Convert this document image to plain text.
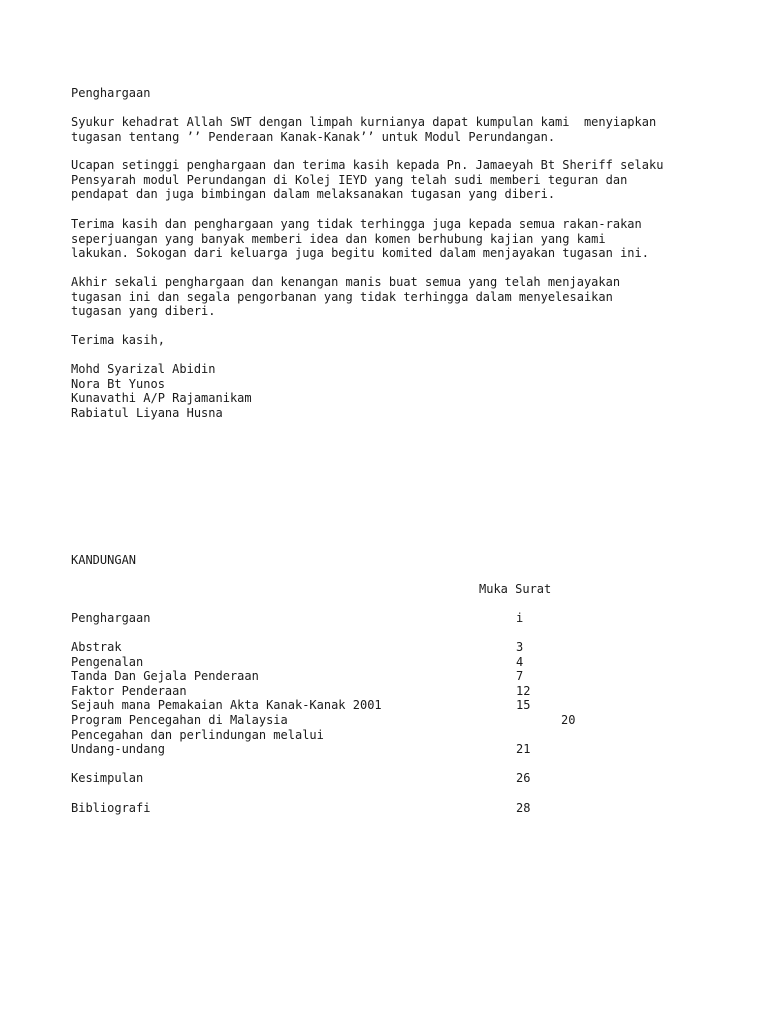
Penghargaan
Syukur kehadrat Allah SWT dengan limpah kurnianya dapat kumpulan kami  menyiapkan
tugasan tentang ’’ Penderaan Kanak-Kanak’’ untuk Modul Perundangan.
Ucapan setinggi penghargaan dan terima kasih kepada Pn. Jamaeyah Bt Sheriff selaku
Pensyarah modul Perundangan di Kolej IEYD yang telah sudi memberi teguran dan
pendapat dan juga bimbingan dalam melaksanakan tugasan yang diberi.
Terima kasih dan penghargaan yang tidak terhingga juga kepada semua rakan-rakan
seperjuangan yang banyak memberi idea dan komen berhubung kajian yang kami
lakukan. Sokogan dari keluarga juga begitu komited dalam menjayakan tugasan ini.
Akhir sekali penghargaan dan kenangan manis buat semua yang telah menjayakan
tugasan ini dan segala pengorbanan yang tidak terhingga dalam menyelesaikan
tugasan yang diberi.
Terima kasih,
Mohd Syarizal Abidin
Nora Bt Yunos
Kunavathi A/P Rajamanikam
Rabiatul Liyana Husna
KANDUNGAN
Muka Surat
Penghargaan	i
Abstrak	3
Pengenalan	4
Tanda Dan Gejala Penderaan	7
Faktor Penderaan	12
Sejauh mana Pemakaian Akta Kanak-Kanak 2001	15
Program Pencegahan di Malaysia	20
Pencegahan dan perlindungan melalui
Undang-undang	21
Kesimpulan	26
Bibliografi	28
